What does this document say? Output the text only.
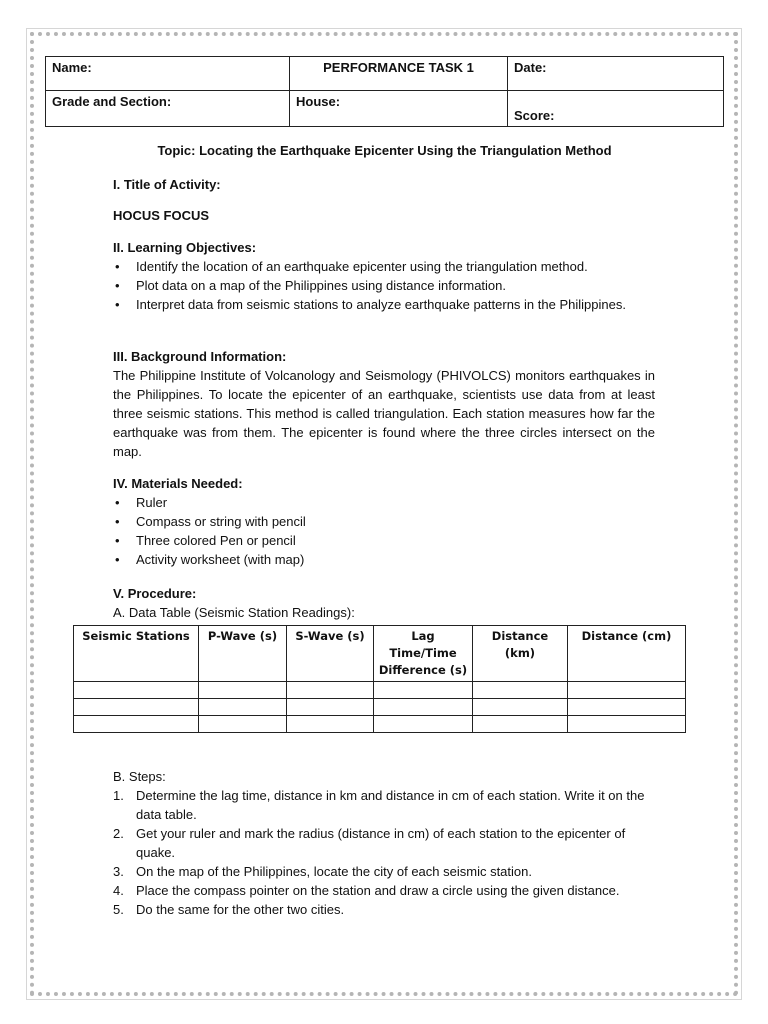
Name:	PERFORMANCE TASK 1	Date:
Grade and Section:	House:	Score:
Topic: Locating the Earthquake Epicenter Using the Triangulation Method
I. Title of Activity:
HOCUS FOCUS
II. Learning Objectives:
• Identify the location of an earthquake epicenter using the triangulation method.
• Plot data on a map of the Philippines using distance information.
• Interpret data from seismic stations to analyze earthquake patterns in the Philippines.
III. Background Information:
The Philippine Institute of Volcanology and Seismology (PHIVOLCS) monitors earthquakes in the Philippines. To locate the epicenter of an earthquake, scientists use data from at least three seismic stations. This method is called triangulation. Each station measures how far the earthquake was from them. The epicenter is found where the three circles intersect on the map.
IV. Materials Needed:
• Ruler
• Compass or string with pencil
• Three colored Pen or pencil
• Activity worksheet (with map)
V. Procedure:
A. Data Table (Seismic Station Readings):
Seismic Stations	P-Wave (s)	S-Wave (s)	Lag Time/Time Difference (s)	Distance (km)	Distance (cm)

B. Steps:
1. Determine the lag time, distance in km and distance in cm of each station. Write it on the data table.
2. Get your ruler and mark the radius (distance in cm) of each station to the epicenter of quake.
3. On the map of the Philippines, locate the city of each seismic station.
4. Place the compass pointer on the station and draw a circle using the given distance.
5. Do the same for the other two cities.
